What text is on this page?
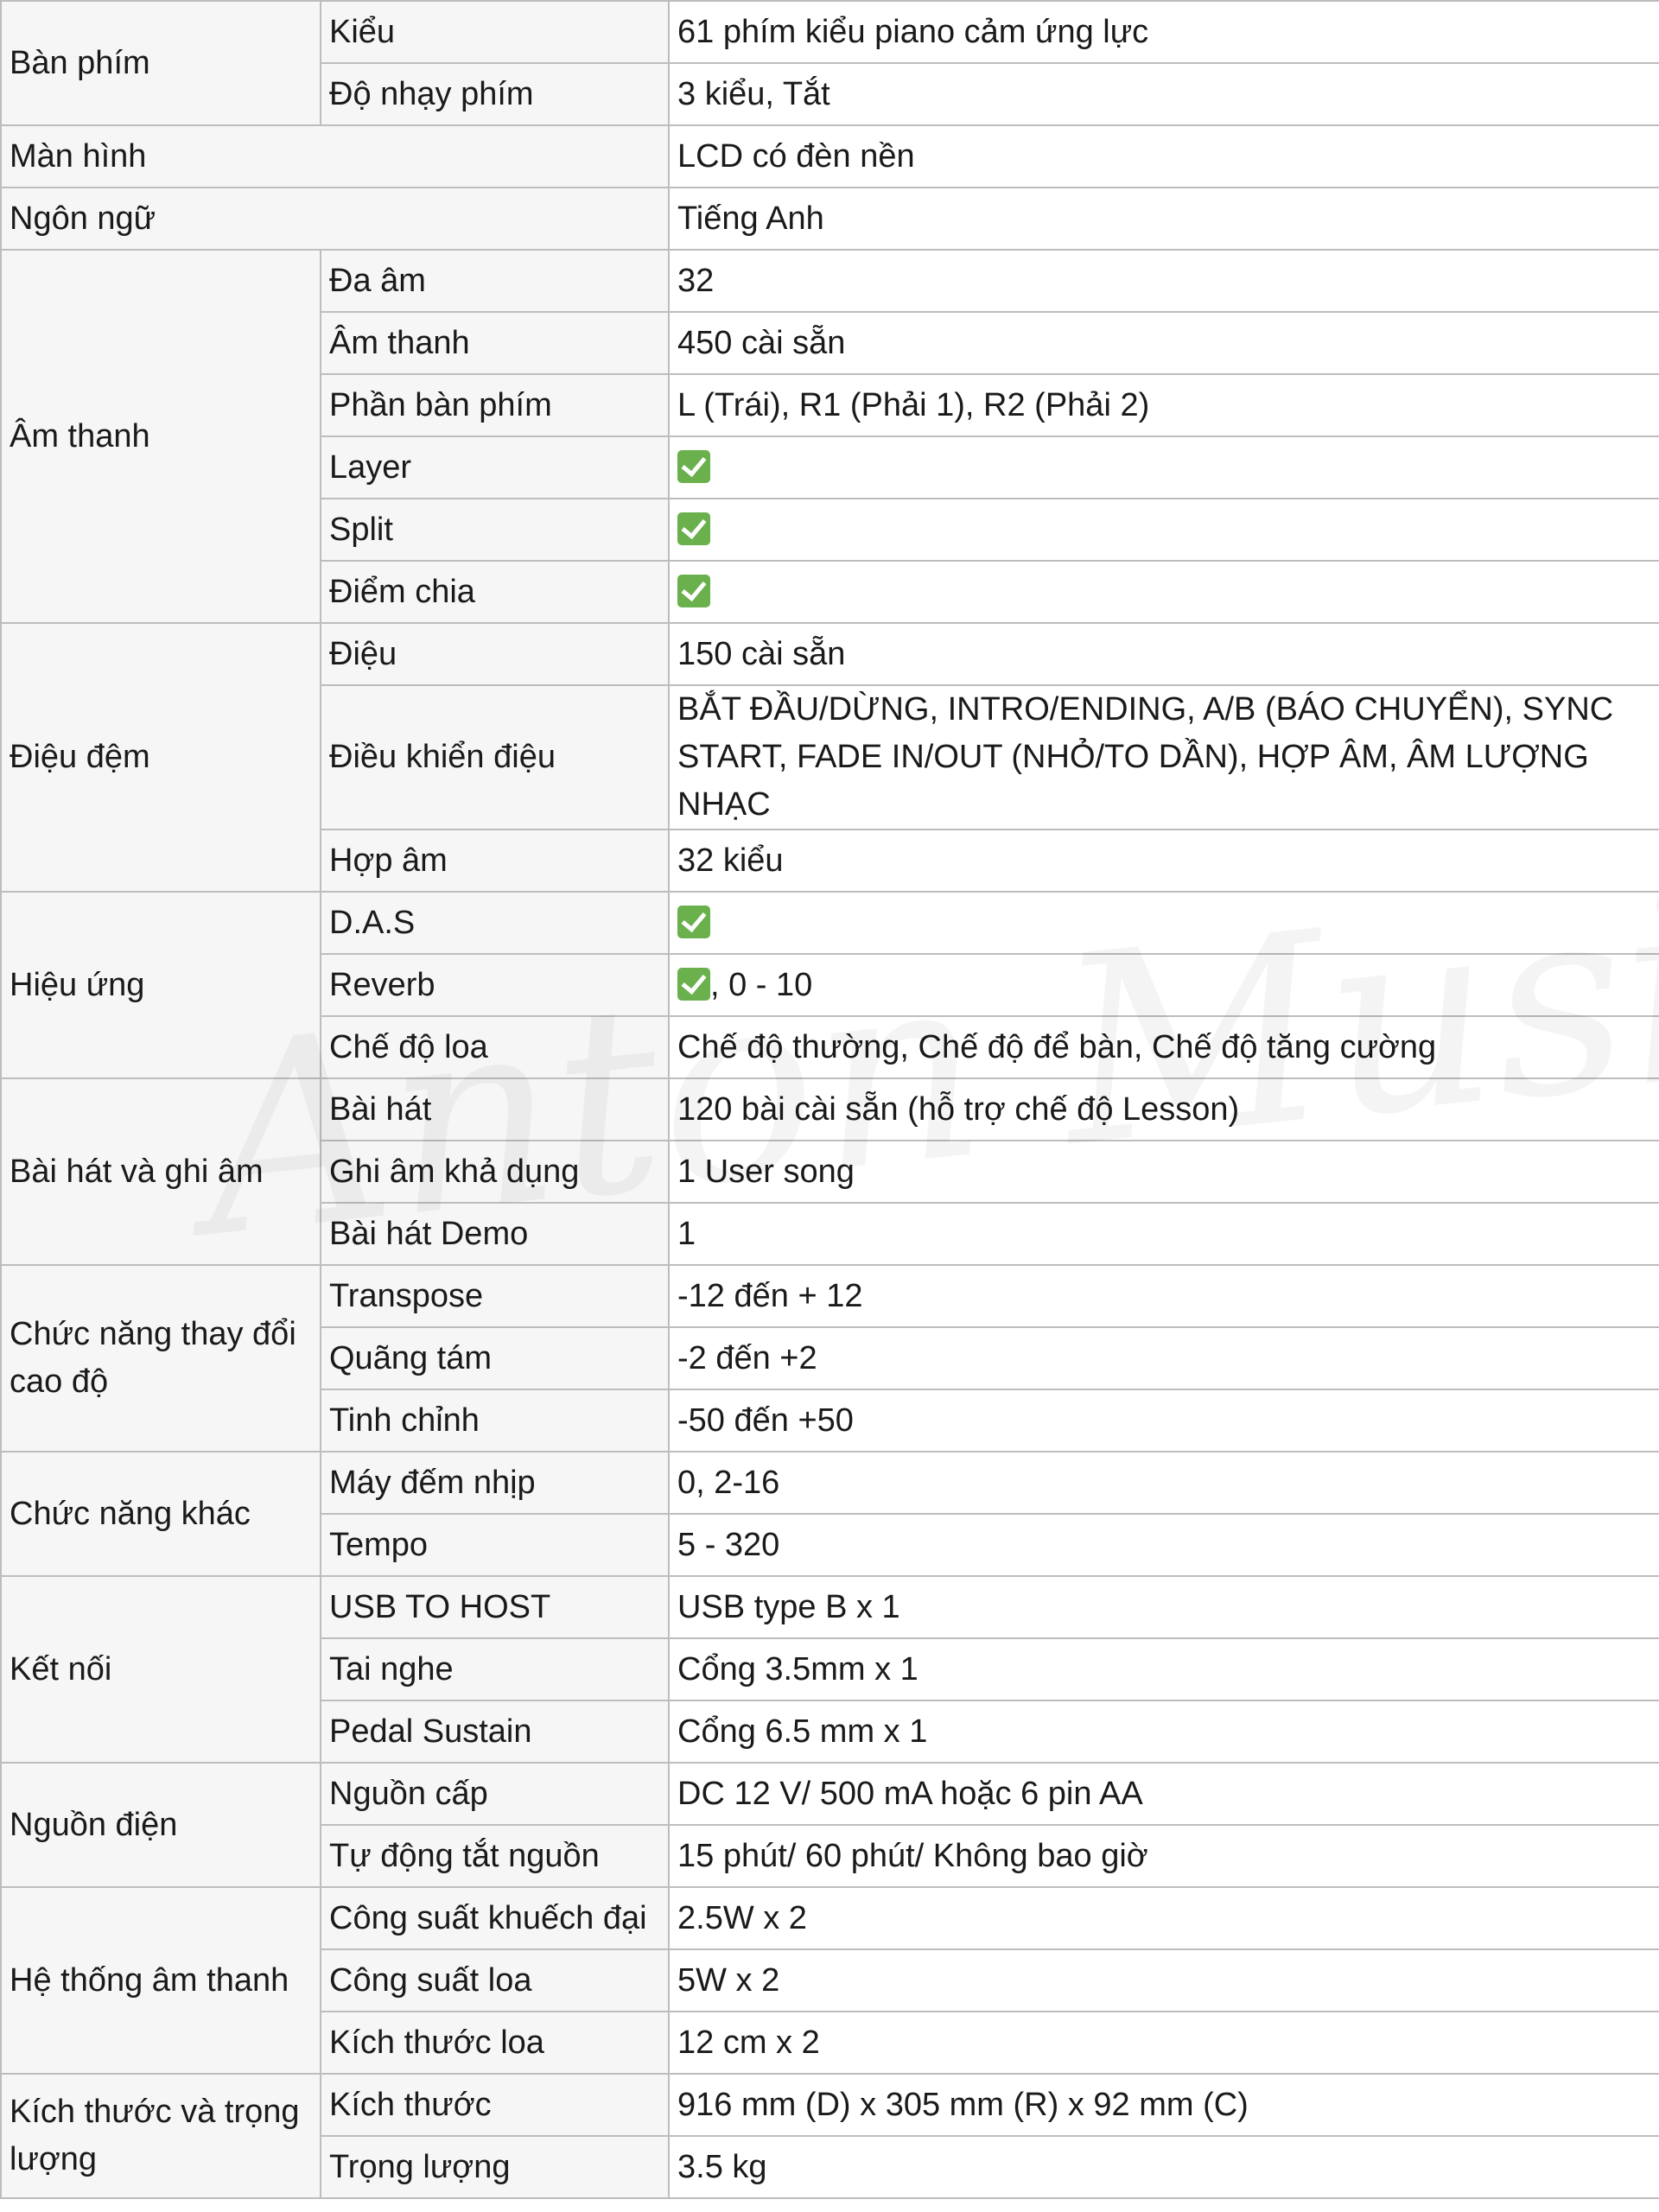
Bàn phím	Kiểu	61 phím kiểu piano cảm ứng lực
	Độ nhạy phím	3 kiểu, Tắt
Màn hình		LCD có đèn nền
Ngôn ngữ		Tiếng Anh
Âm thanh	Đa âm	32
	Âm thanh	450 cài sẵn
	Phần bàn phím	L (Trái), R1 (Phải 1), R2 (Phải 2)
	Layer	
	Split	
	Điểm chia	
Điệu đệm	Điệu	150 cài sẵn
	Điều khiển điệu	BẮT ĐẦU/DỪNG, INTRO/ENDING, A/B (BÁO CHUYỂN), SYNC START, FADE IN/OUT (NHỎ/TO DẦN), HỢP ÂM, ÂM LƯỢNG NHẠC
	Hợp âm	32 kiểu
Hiệu ứng	D.A.S	
	Reverb	, 0 - 10
	Chế độ loa	Chế độ thường, Chế độ để bàn, Chế độ tăng cường
Bài hát và ghi âm	Bài hát	120 bài cài sẵn (hỗ trợ chế độ Lesson)
	Ghi âm khả dụng	1 User song
	Bài hát Demo	1
Chức năng thay đổi cao độ	Transpose	-12 đến + 12
	Quãng tám	-2 đến +2
	Tinh chỉnh	-50 đến +50
Chức năng khác	Máy đếm nhịp	0, 2-16
	Tempo	5 - 320
Kết nối	USB TO HOST	USB type B x 1
	Tai nghe	Cổng 3.5mm x 1
	Pedal Sustain	Cổng 6.5 mm x 1
Nguồn điện	Nguồn cấp	DC 12 V/ 500 mA hoặc 6 pin AA
	Tự động tắt nguồn	15 phút/ 60 phút/ Không bao giờ
Hệ thống âm thanh	Công suất khuếch đại	2.5W x 2
	Công suất loa	5W x 2
	Kích thước loa	12 cm x 2
Kích thước và trọng lượng	Kích thước	916 mm (D) x 305 mm (R) x 92 mm (C)
	Trọng lượng	3.5 kg
